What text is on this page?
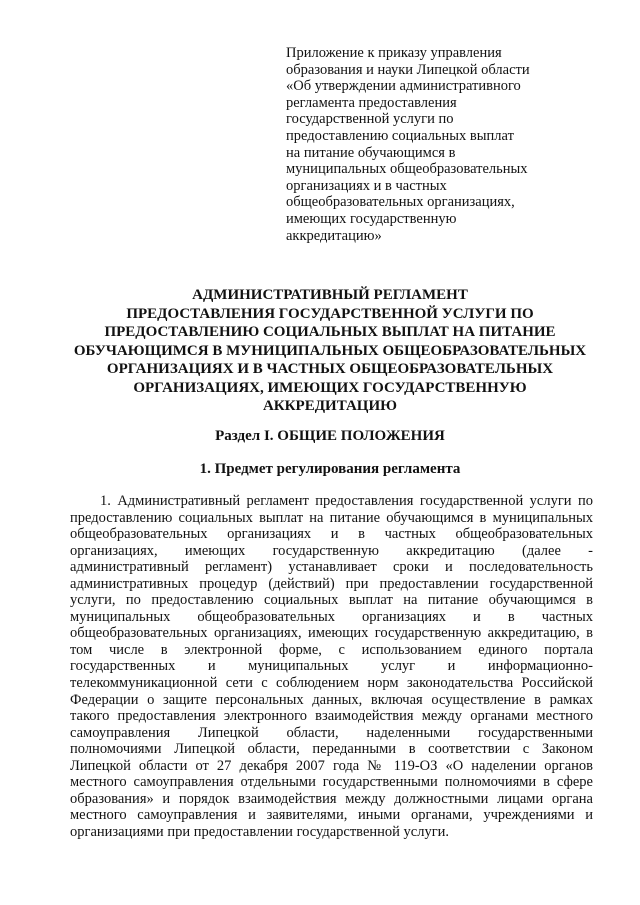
Приложение к приказу управления
образования и науки Липецкой области
«Об утверждении административного
регламента предоставления
государственной услуги по
предоставлению социальных выплат
на питание обучающимся в
муниципальных общеобразовательных
организациях и в частных
общеобразовательных организациях,
имеющих государственную
аккредитацию»
АДМИНИСТРАТИВНЫЙ РЕГЛАМЕНТ
ПРЕДОСТАВЛЕНИЯ ГОСУДАРСТВЕННОЙ УСЛУГИ ПО
ПРЕДОСТАВЛЕНИЮ СОЦИАЛЬНЫХ ВЫПЛАТ НА ПИТАНИЕ
ОБУЧАЮЩИМСЯ В МУНИЦИПАЛЬНЫХ ОБЩЕОБРАЗОВАТЕЛЬНЫХ
ОРГАНИЗАЦИЯХ И В ЧАСТНЫХ ОБЩЕОБРАЗОВАТЕЛЬНЫХ
ОРГАНИЗАЦИЯХ, ИМЕЮЩИХ ГОСУДАРСТВЕННУЮ
АККРЕДИТАЦИЮ
Раздел I. ОБЩИЕ ПОЛОЖЕНИЯ
1. Предмет регулирования регламента
1. Административный регламент предоставления государственной услуги по
предоставлению социальных выплат на питание обучающимся в муниципальных
общеобразовательных организациях и в частных общеобразовательных
организациях, имеющих государственную аккредитацию (далее -
административный регламент) устанавливает сроки и последовательность
административных процедур (действий) при предоставлении государственной
услуги, по предоставлению социальных выплат на питание обучающимся в
муниципальных общеобразовательных организациях и в частных
общеобразовательных организациях, имеющих государственную аккредитацию, в
том числе в электронной форме, с использованием единого портала
государственных и муниципальных услуг и информационно-
телекоммуникационной сети с соблюдением норм законодательства Российской
Федерации о защите персональных данных, включая осуществление в рамках
такого предоставления электронного взаимодействия между органами местного
самоуправления Липецкой области, наделенными государственными
полномочиями Липецкой области, переданными в соответствии с Законом
Липецкой области от 27 декабря 2007 года № 119-ОЗ «О наделении органов
местного самоуправления отдельными государственными полномочиями в сфере
образования» и порядок взаимодействия между должностными лицами органа
местного самоуправления и заявителями, иными органами, учреждениями и
организациями при предоставлении государственной услуги.
